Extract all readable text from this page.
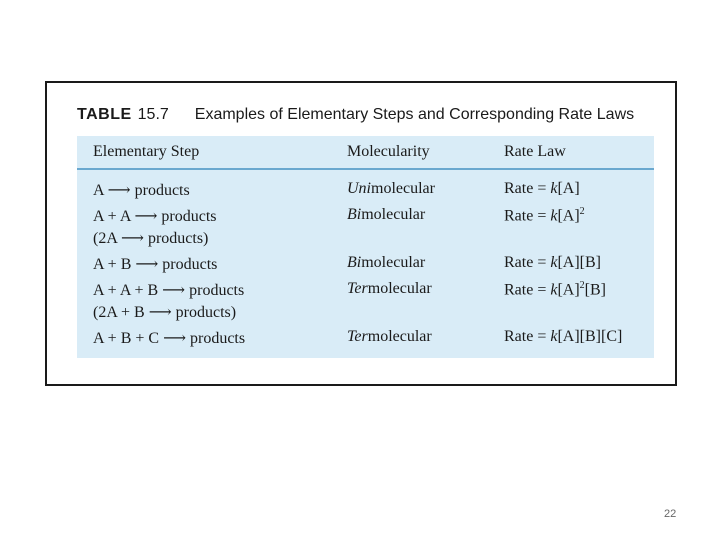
TABLE 15.7 Examples of Elementary Steps and Corresponding Rate Laws
Elementary Step	Molecularity	Rate Law
A ⟶ products	Unimolecular	Rate = k[A]
A + A ⟶ products	Bimolecular	Rate = $k[A]^2$
(2A ⟶ products)
A + B ⟶ products	Bimolecular	Rate = k[A][B]
A + A + B ⟶ products	Termolecular	Rate = $k[A]^2[B]$
(2A + B ⟶ products)
A + B + C ⟶ products	Termolecular	Rate = k[A][B][C]
22
